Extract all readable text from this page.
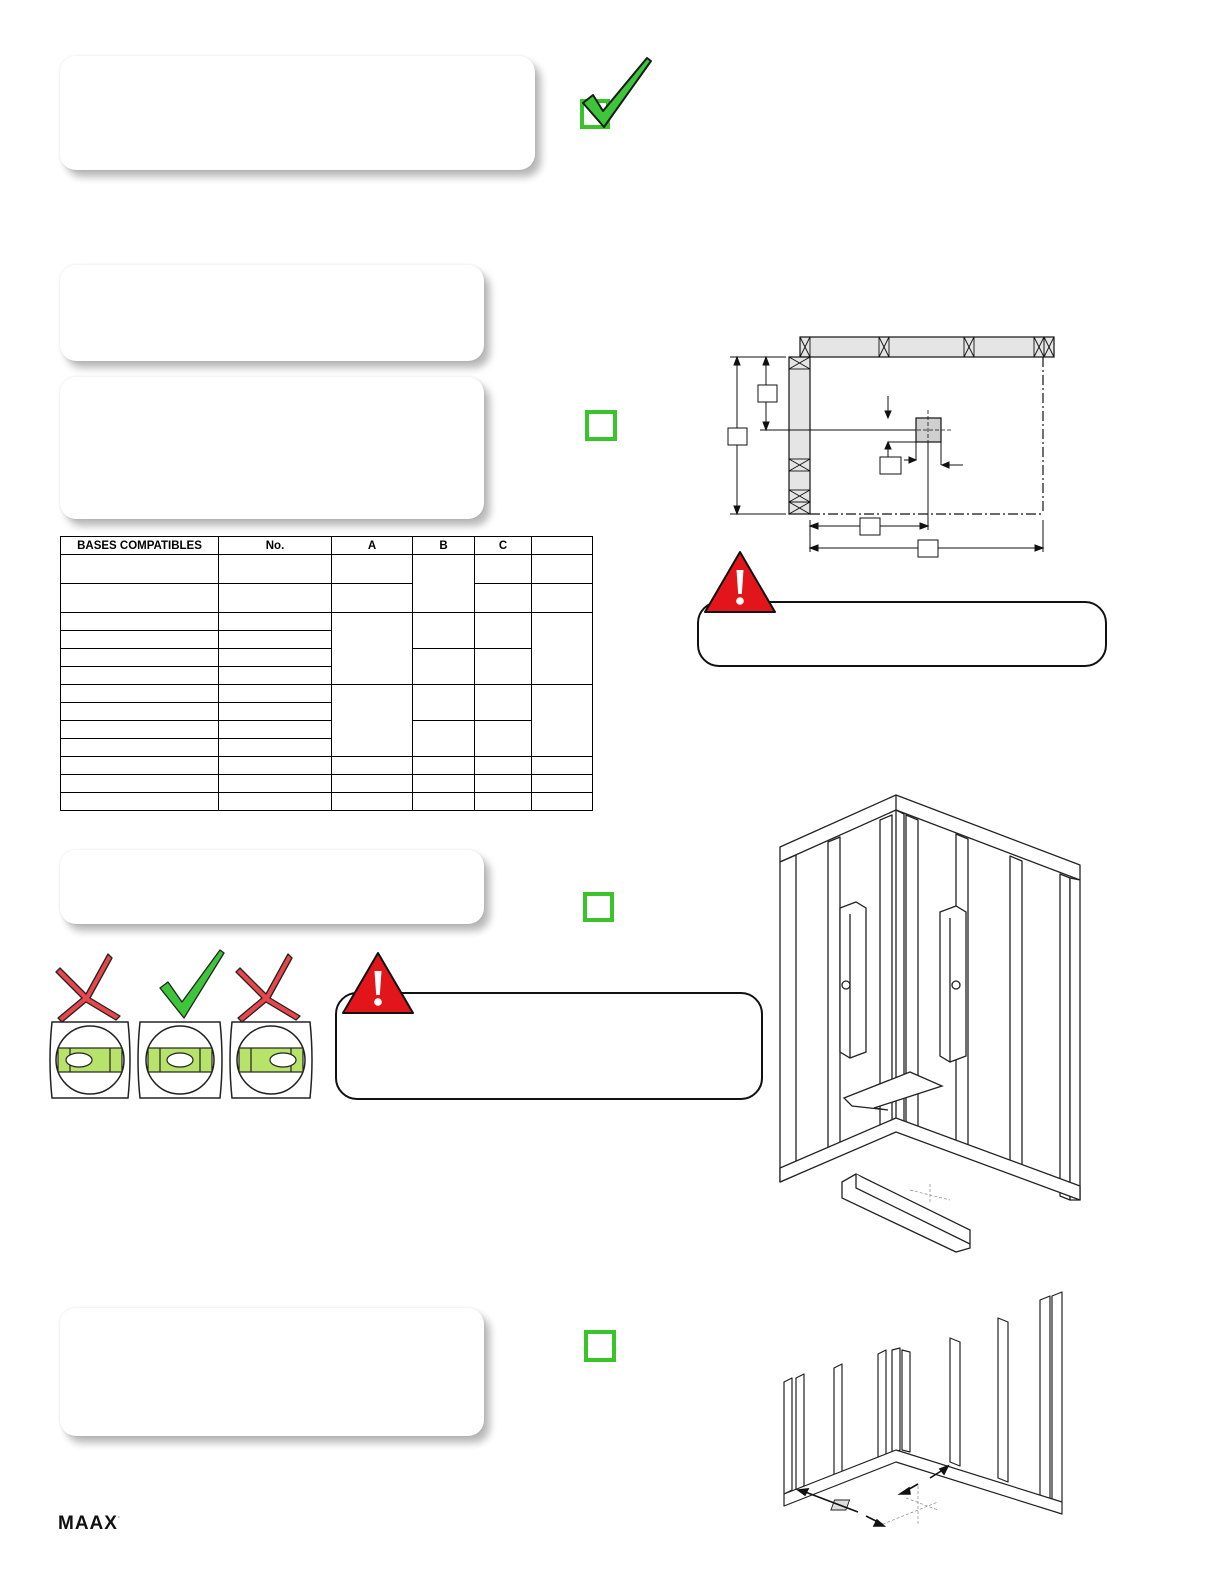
BASES COMPATIBLES	No.	A	B	C	

MAAX·
